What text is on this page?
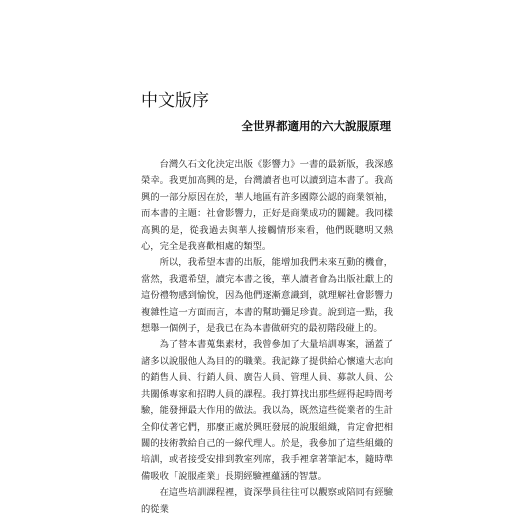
中文版序
全世界都適用的六大說服原理

台灣久石文化決定出版《影響力》一書的最新版，我深感榮幸。我更加高興的是，台灣讀者也可以讀到這本書了。我高興的一部分原因在於，華人地區有許多國際公認的商業領袖，而本書的主題：社會影響力，正好是商業成功的關鍵。我同樣高興的是，從我過去與華人接觸情形來看，他們既聰明又熱心，完全是我喜歡相處的類型。

所以，我希望本書的出版，能增加我們未來互動的機會，當然，我還希望，讀完本書之後，華人讀者會為出版社獻上的這份禮物感到愉悅，因為他們逐漸意識到，就理解社會影響力複雜性這一方面而言，本書的幫助彌足珍貴。說到這一點，我想舉一個例子，是我已在為本書做研究的最初階段碰上的。

為了替本書蒐集素材，我曾參加了大量培訓專案，涵蓋了諸多以說服他人為目的的職業。我記錄了提供給心懷遠大志向的銷售人員、行銷人員、廣告人員、管理人員、募款人員、公共關係專家和招聘人員的課程。我打算找出那些經得起時間考驗，能發揮最大作用的做法。我以為，既然這些從業者的生計全仰仗著它們，那麼正處於興旺發展的說服組織，肯定會把相關的技術教給自己的一線代理人。於是，我參加了這些組織的培訓，或者接受安排到教室列席，我手裡拿著筆記本，隨時準備吸收「說服產業」長期經驗裡蘊涵的智慧。

在這些培訓課程裡，資深學員往往可以觀察或陪同有經驗的從業
